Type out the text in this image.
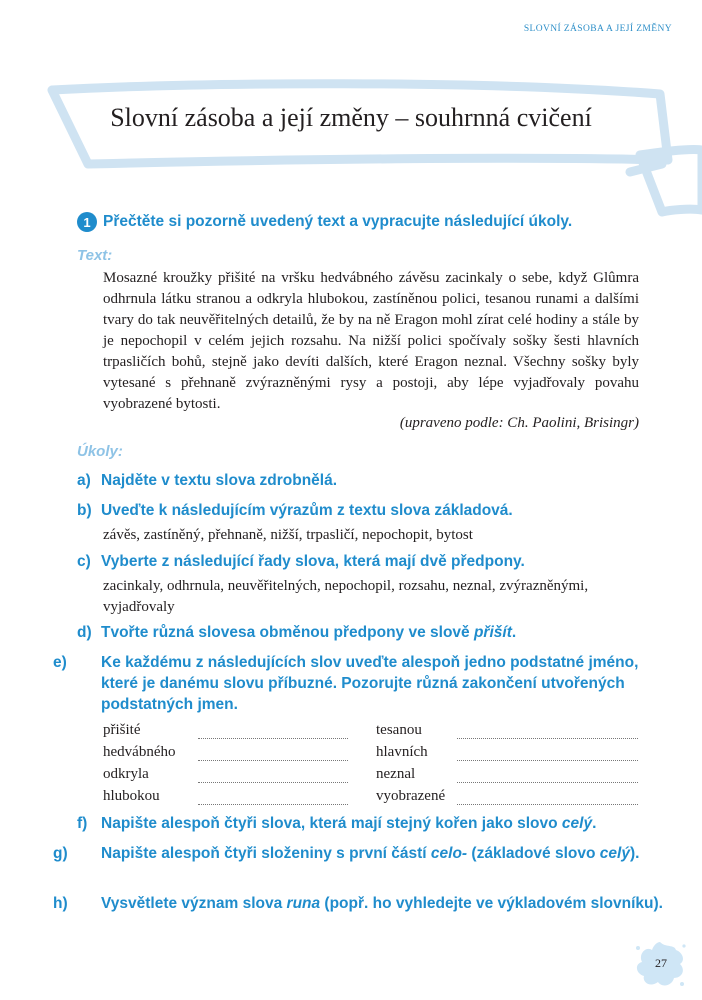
SLOVNÍ ZÁSOBA A JEJÍ ZMĚNY
Slovní zásoba a její změny – souhrnná cvičení
1 Přečtěte si pozorně uvedený text a vypracujte následující úkoly.
Text:
Mosazné kroužky přišité na vršku hedvábného závěsu zacinkaly o sebe, když Glûmra odhrnula látku stranou a odkryla hlubokou, zastíněnou polici, tesanou runami a dalšími tvary do tak neuvěřitelných detailů, že by na ně Eragon mohl zírat celé hodiny a stále by je nepochopil v celém jejich rozsahu. Na nižší polici spočívaly sošky šesti hlavních trpasličích bohů, stejně jako devíti dalších, které Eragon neznal. Všechny sošky byly vytesané s přehnaně zvýrazněnými rysy a postoji, aby lépe vyjadřovaly povahu vyobrazené bytosti.
(upraveno podle: Ch. Paolini, Brisingr)
Úkoly:
a) Najděte v textu slova zdrobnělá.
b) Uveďte k následujícím výrazům z textu slova základová.
závěs, zastíněný, přehnaně, nižší, trpasličí, nepochopit, bytost
c) Vyberte z následující řady slova, která mají dvě předpony.
zacinkaly, odhrnula, neuvěřitelných, nepochopil, rozsahu, neznal, zvýrazněnými, vyjadřovaly
d) Tvořte různá slovesa obměnou předpony ve slově přišít.
e) Ke každému z následujících slov uveďte alespoň jedno podstatné jméno, které je danému slovu příbuzné. Pozorujte různá zakončení utvořených podstatných jmen.
přišité	tesanou
hedvábného	hlavních
odkryla	neznal
hlubokou	vyobrazené
f) Napište alespoň čtyři slova, která mají stejný kořen jako slovo celý.
g) Napište alespoň čtyři složeniny s první částí celo- (základové slovo celý).
h) Vysvětlete význam slova runa (popř. ho vyhledejte ve výkladovém slovníku).
27
